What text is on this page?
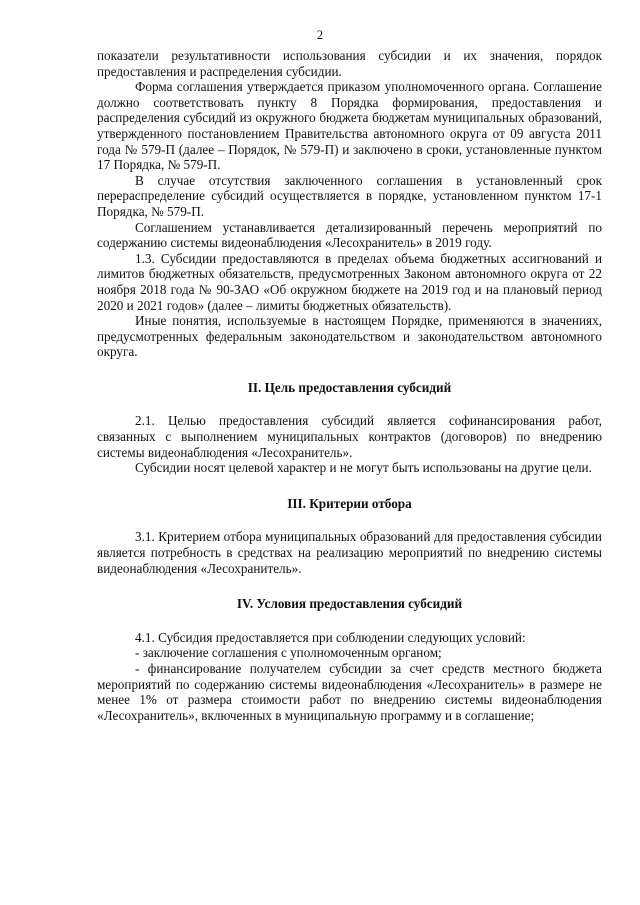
2

показатели результативности использования субсидии и их значения, порядок предоставления и распределения субсидии.

Форма соглашения утверждается приказом уполномоченного органа. Соглашение должно соответствовать пункту 8 Порядка формирования, предоставления и распределения субсидий из окружного бюджета бюджетам муниципальных образований, утвержденного постановлением Правительства автономного округа от 09 августа 2011 года № 579-П (далее – Порядок, № 579-П) и заключено в сроки, установленные пунктом 17 Порядка, № 579-П.

В случае отсутствия заключенного соглашения в установленный срок перераспределение субсидий осуществляется в порядке, установленном пунктом 17-1 Порядка, № 579-П.

Соглашением устанавливается детализированный перечень мероприятий по содержанию системы видеонаблюдения «Лесохранитель» в 2019 году.

1.3. Субсидии предоставляются в пределах объема бюджетных ассигнований и лимитов бюджетных обязательств, предусмотренных Законом автономного округа от 22 ноября 2018 года № 90-ЗАО «Об окружном бюджете на 2019 год и на плановый период 2020 и 2021 годов» (далее – лимиты бюджетных обязательств).

Иные понятия, используемые в настоящем Порядке, применяются в значениях, предусмотренных федеральным законодательством и законодательством автономного округа.

II. Цель предоставления субсидий

2.1. Целью предоставления субсидий является софинансирования работ, связанных с выполнением муниципальных контрактов (договоров) по внедрению системы видеонаблюдения «Лесохранитель».

Субсидии носят целевой характер и не могут быть использованы на другие цели.

III. Критерии отбора

3.1. Критерием отбора муниципальных образований для предоставления субсидии является потребность в средствах на реализацию мероприятий по внедрению системы видеонаблюдения «Лесохранитель».

IV. Условия предоставления субсидий

4.1. Субсидия предоставляется при соблюдении следующих условий:

- заключение соглашения с уполномоченным органом;

- финансирование получателем субсидии за счет средств местного бюджета мероприятий по содержанию системы видеонаблюдения «Лесохранитель» в размере не менее 1% от размера стоимости работ по внедрению системы видеонаблюдения «Лесохранитель», включенных в муниципальную программу и в соглашение;
